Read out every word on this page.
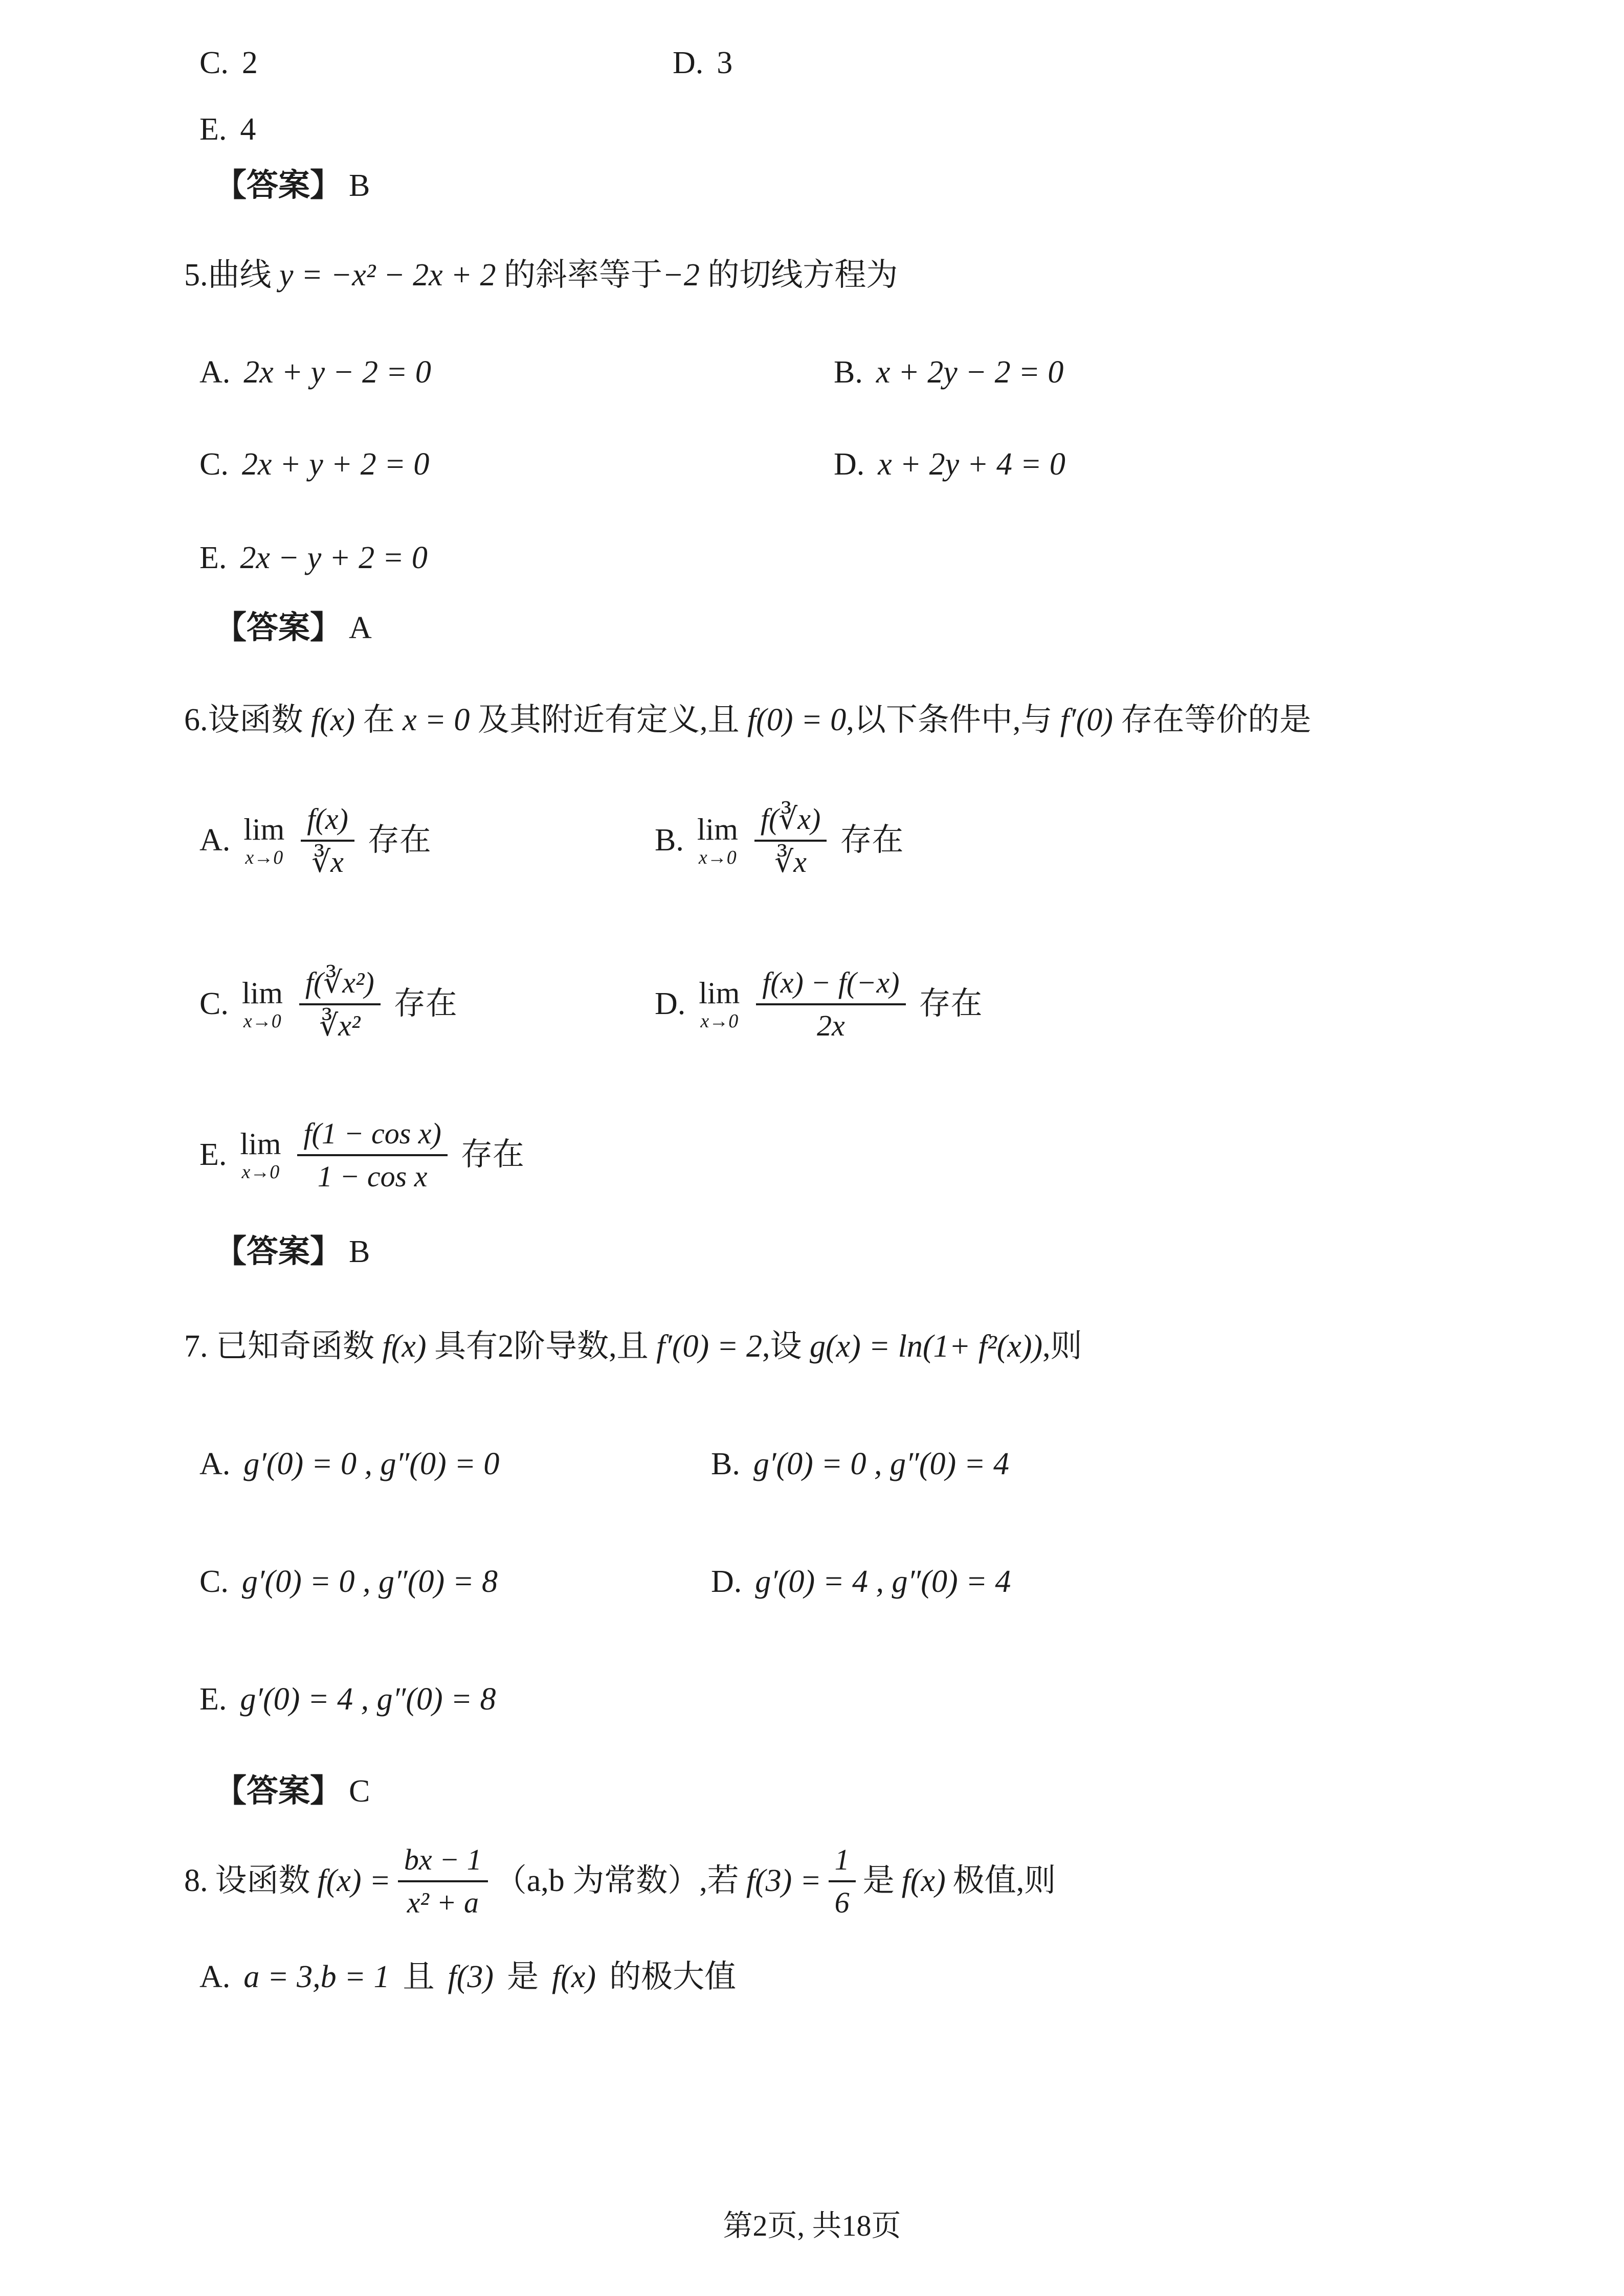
C. 2	D. 3
E. 4
【答案】 B
5.曲线 y = −x² − 2x + 2 的斜率等于−2 的切线方程为
A. 2x + y − 2 = 0	B. x + 2y − 2 = 0
C. 2x + y + 2 = 0	D. x + 2y + 4 = 0
E. 2x − y + 2 = 0
【答案】 A
6.设函数 f(x) 在 x = 0 及其附近有定义,且 f(0) = 0,以下条件中,与 f′(0) 存在等价的是
A. lim
$x\to 0 \frac{f(x)}{∛x}$ 存在	B. lim
$x\to 0 \frac{f(∛x)}{∛x}$ 存在
C. lim
$x\to 0 \frac{\text{f(∛x²)}}{\text{∛x²}}$ 存在	D. lim
$x\to 0 \frac{f(x) - f(-x)}{2x}$ 存在
E. lim
$x\to 0 \frac{\text{f(1 − cos x)}}{\text{1 − cos x}}$ 存在
【答案】 B
7. 已知奇函数 f(x) 具有2阶导数,且 f′(0) = 2,设 g(x) = ln(1+ f²(x)),则
A. g′(0) = 0 , g″(0) = 0	B. g′(0) = 0 , g″(0) = 4
C. g′(0) = 0 , g″(0) = 8	D. g′(0) = 4 , g″(0) = 4
E. g′(0) = 4 , g″(0) = 8
【答案】 C
8. 设函数 $f(x) = \frac{bx - 1}{\text{x² + a}} (a,b$ 为常数）,若 $f(3) = \frac{1}{6}$ 是 f(x) 极值,则
A. a = 3,b = 1 且 f(3) 是 f(x) 的极大值
第2页, 共18页
